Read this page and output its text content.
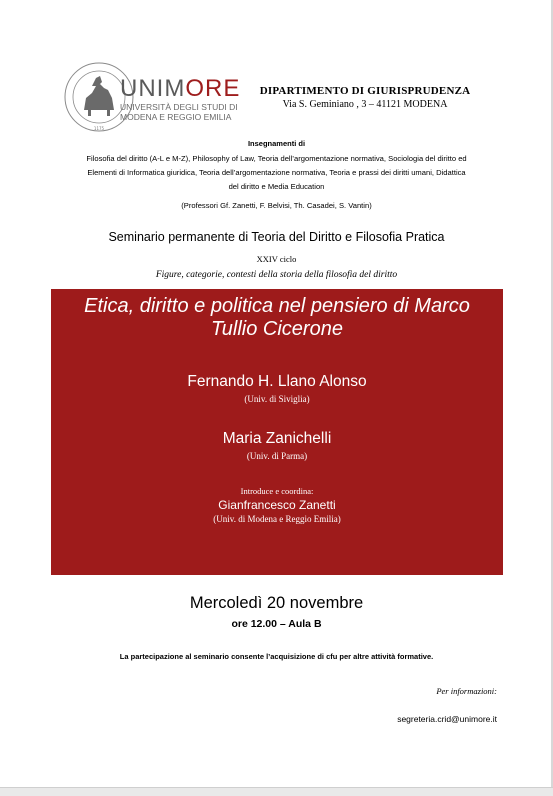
1175
UNIMORE
UNIVERSITÀ DEGLI STUDI DI
MODENA E REGGIO EMILIA
DIPARTIMENTO DI GIURISPRUDENZA
Via S. Geminiano , 3 – 41121 MODENA
Insegnamenti di
Filosofia del diritto (A-L e M-Z), Philosophy of Law, Teoria dell’argomentazione normativa, Sociologia del diritto ed
Elementi di Informatica giuridica, Teoria dell’argomentazione normativa, Teoria e prassi dei diritti umani, Didattica
del diritto e Media Education
(Professori Gf. Zanetti, F. Belvisi, Th. Casadei, S. Vantin)
Seminario permanente di Teoria del Diritto e Filosofia Pratica
XXIV ciclo
Figure, categorie, contesti della storia della filosofia del diritto
Etica, diritto e politica nel pensiero di Marco Tullio Cicerone
Fernando H. Llano Alonso
(Univ. di Siviglia)
Maria Zanichelli
(Univ. di Parma)
Introduce e coordina:
Gianfrancesco Zanetti
(Univ. di Modena e Reggio Emilia)
Mercoledì 20 novembre
ore 12.00 – Aula B
La partecipazione al seminario consente l’acquisizione di cfu per altre attività formative.
Per informazioni:
segreteria.crid@unimore.it
